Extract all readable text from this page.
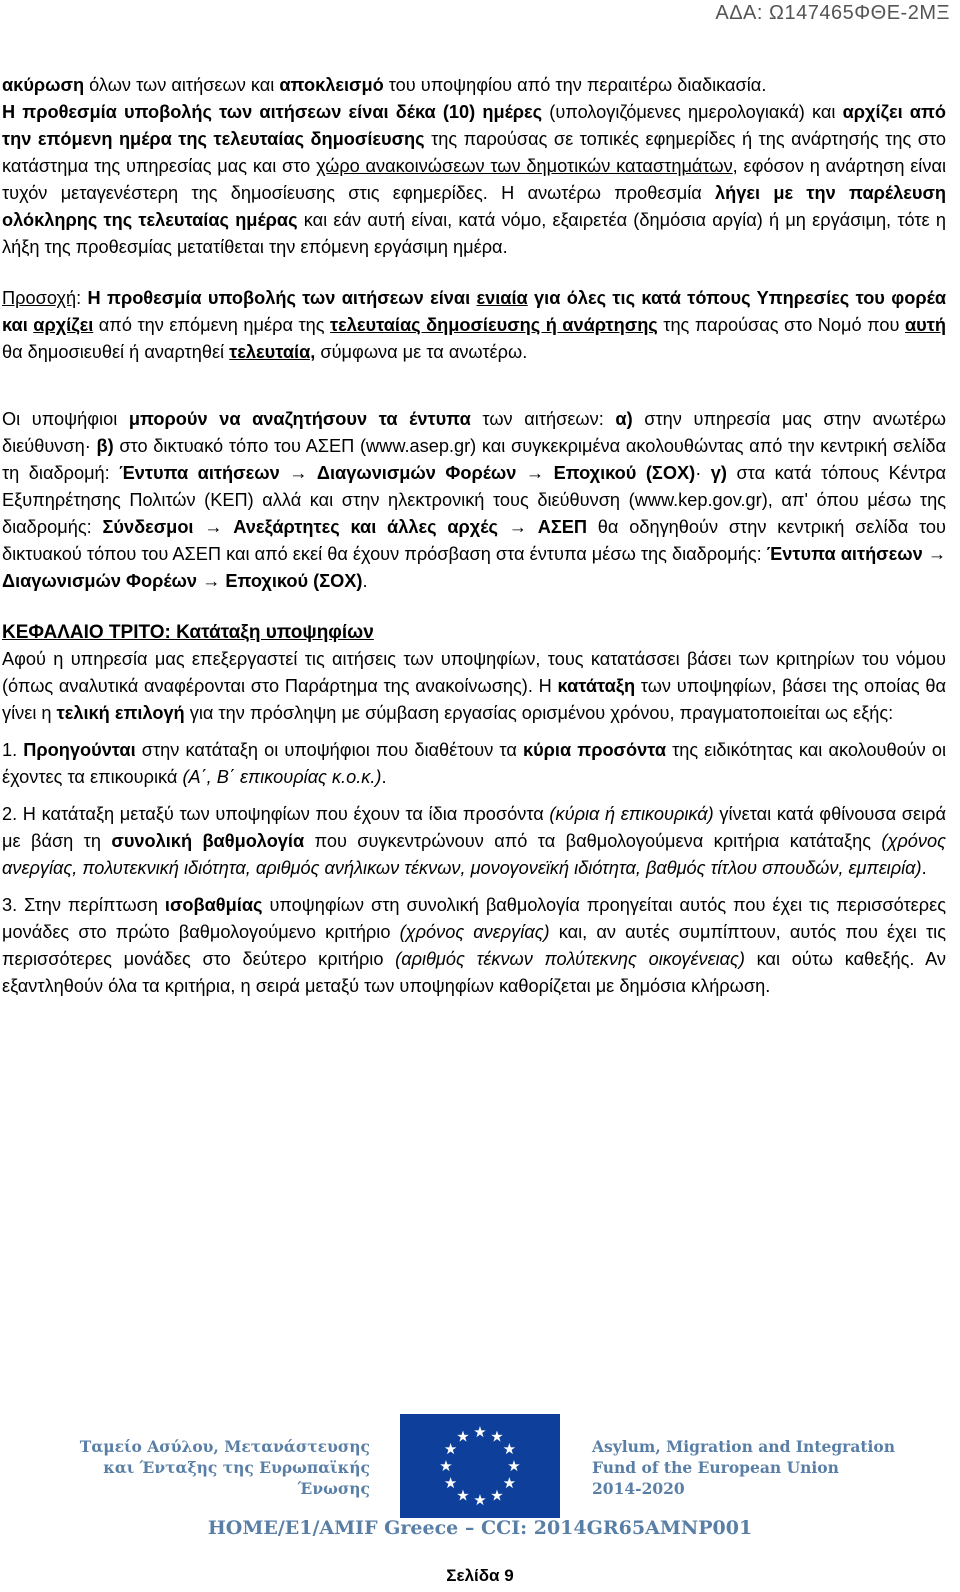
ΑΔΑ: Ω147465ΦΘΕ-2ΜΞ

ακύρωση όλων των αιτήσεων και αποκλεισμό του υποψηφίου από την περαιτέρω διαδικασία.

Η προθεσμία υποβολής των αιτήσεων είναι δέκα (10) ημέρες (υπολογιζόμενες ημερολογιακά) και αρχίζει από την επόμενη ημέρα της τελευταίας δημοσίευσης της παρούσας σε τοπικές εφημερίδες ή της ανάρτησής της στο κατάστημα της υπηρεσίας μας και στο χώρο ανακοινώσεων των δημοτικών καταστημάτων, εφόσον η ανάρτηση είναι τυχόν μεταγενέστερη της δημοσίευσης στις εφημερίδες. Η ανωτέρω προθεσμία λήγει με την παρέλευση ολόκληρης της τελευταίας ημέρας και εάν αυτή είναι, κατά νόμο, εξαιρετέα (δημόσια αργία) ή μη εργάσιμη, τότε η λήξη της προθεσμίας μετατίθεται την επόμενη εργάσιμη ημέρα.

Προσοχή: Η προθεσμία υποβολής των αιτήσεων είναι ενιαία για όλες τις κατά τόπους Υπηρεσίες του φορέα και αρχίζει από την επόμενη ημέρα της τελευταίας δημοσίευσης ή ανάρτησης της παρούσας στο Νομό που αυτή θα δημοσιευθεί ή αναρτηθεί τελευταία, σύμφωνα με τα ανωτέρω.

Οι υποψήφιοι μπορούν να αναζητήσουν τα έντυπα των αιτήσεων: α) στην υπηρεσία μας στην ανωτέρω διεύθυνση· β) στο δικτυακό τόπο του ΑΣΕΠ (www.asep.gr) και συγκεκριμένα ακολουθώντας από την κεντρική σελίδα τη διαδρομή: Έντυπα αιτήσεων → Διαγωνισμών Φορέων → Εποχικού (ΣΟΧ)· γ) στα κατά τόπους Κέντρα Εξυπηρέτησης Πολιτών (ΚΕΠ) αλλά και στην ηλεκτρονική τους διεύθυνση (www.kep.gov.gr), απ' όπου μέσω της διαδρομής: Σύνδεσμοι → Ανεξάρτητες και άλλες αρχές → ΑΣΕΠ θα οδηγηθούν στην κεντρική σελίδα του δικτυακού τόπου του ΑΣΕΠ και από εκεί θα έχουν πρόσβαση στα έντυπα μέσω της διαδρομής: Έντυπα αιτήσεων → Διαγωνισμών Φορέων → Εποχικού (ΣΟΧ).

ΚΕΦΑΛΑΙΟ ΤΡΙΤΟ: Κατάταξη υποψηφίων

Αφού η υπηρεσία μας επεξεργαστεί τις αιτήσεις των υποψηφίων, τους κατατάσσει βάσει των κριτηρίων του νόμου (όπως αναλυτικά αναφέρονται στο Παράρτημα της ανακοίνωσης). Η κατάταξη των υποψηφίων, βάσει της οποίας θα γίνει η τελική επιλογή για την πρόσληψη με σύμβαση εργασίας ορισμένου χρόνου, πραγματοποιείται ως εξής:

1. Προηγούνται στην κατάταξη οι υποψήφιοι που διαθέτουν τα κύρια προσόντα της ειδικότητας και ακολουθούν οι έχοντες τα επικουρικά (Α΄, Β΄ επικουρίας κ.ο.κ.).

2. Η κατάταξη μεταξύ των υποψηφίων που έχουν τα ίδια προσόντα (κύρια ή επικουρικά) γίνεται κατά φθίνουσα σειρά με βάση τη συνολική βαθμολογία που συγκεντρώνουν από τα βαθμολογούμενα κριτήρια κατάταξης (χρόνος ανεργίας, πολυτεκνική ιδιότητα, αριθμός ανήλικων τέκνων, μονογονεϊκή ιδιότητα, βαθμός τίτλου σπουδών, εμπειρία).

3. Στην περίπτωση ισοβαθμίας υποψηφίων στη συνολική βαθμολογία προηγείται αυτός που έχει τις περισσότερες μονάδες στο πρώτο βαθμολογούμενο κριτήριο (χρόνος ανεργίας) και, αν αυτές συμπίπτουν, αυτός που έχει τις περισσότερες μονάδες στο δεύτερο κριτήριο (αριθμός τέκνων πολύτεκνης οικογένειας) και ούτω καθεξής. Αν εξαντληθούν όλα τα κριτήρια, η σειρά μεταξύ των υποψηφίων καθορίζεται με δημόσια κλήρωση.

Ταμείο Ασύλου, Μετανάστευσης
και Ένταξης της Ευρωπαϊκής
Ένωσης
★ ★
★
★
★
★
★
★
★
★
★
★	Asylum, Migration and Integration
Fund of the European Union
2014-2020
HOME/E1/AMIF Greece – CCI: 2014GR65AMNP001
Σελίδα 9
